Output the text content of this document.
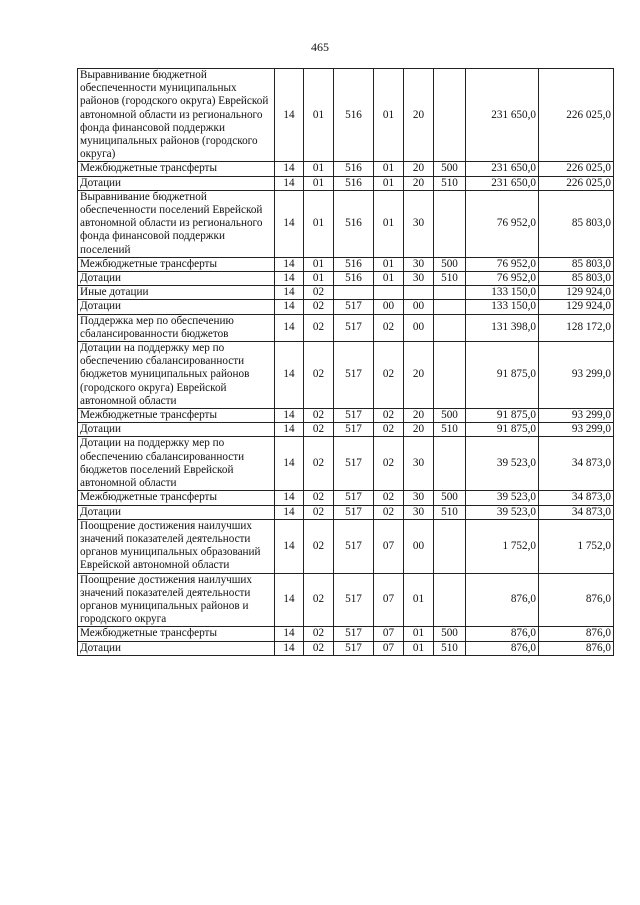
465
Выравнивание бюджетной обеспеченности муниципальных районов (городского округа) Еврейской автономной области из регионального фонда финансовой поддержки муниципальных районов (городского округа)	14	01	516	01	20		231 650,0	226 025,0
Межбюджетные трансферты	14	01	516	01	20	500	231 650,0	226 025,0
Дотации	14	01	516	01	20	510	231 650,0	226 025,0
Выравнивание бюджетной обеспеченности поселений Еврейской автономной области из регионального фонда финансовой поддержки поселений	14	01	516	01	30		76 952,0	85 803,0
Межбюджетные трансферты	14	01	516	01	30	500	76 952,0	85 803,0
Дотации	14	01	516	01	30	510	76 952,0	85 803,0
Иные дотации	14	02					133 150,0	129 924,0
Дотации	14	02	517	00	00		133 150,0	129 924,0
Поддержка мер по обеспечению сбалансированности бюджетов	14	02	517	02	00		131 398,0	128 172,0
Дотации на поддержку мер по обеспечению сбалансированности бюджетов муниципальных районов (городского округа) Еврейской автономной области	14	02	517	02	20		91 875,0	93 299,0
Межбюджетные трансферты	14	02	517	02	20	500	91 875,0	93 299,0
Дотации	14	02	517	02	20	510	91 875,0	93 299,0
Дотации на поддержку мер по обеспечению сбалансированности бюджетов поселений Еврейской автономной области	14	02	517	02	30		39 523,0	34 873,0
Межбюджетные трансферты	14	02	517	02	30	500	39 523,0	34 873,0
Дотации	14	02	517	02	30	510	39 523,0	34 873,0
Поощрение достижения наилучших значений показателей деятельности органов муниципальных образований Еврейской автономной области	14	02	517	07	00		1 752,0	1 752,0
Поощрение достижения наилучших значений показателей деятельности органов муниципальных районов и городского округа	14	02	517	07	01		876,0	876,0
Межбюджетные трансферты	14	02	517	07	01	500	876,0	876,0
Дотации	14	02	517	07	01	510	876,0	876,0
